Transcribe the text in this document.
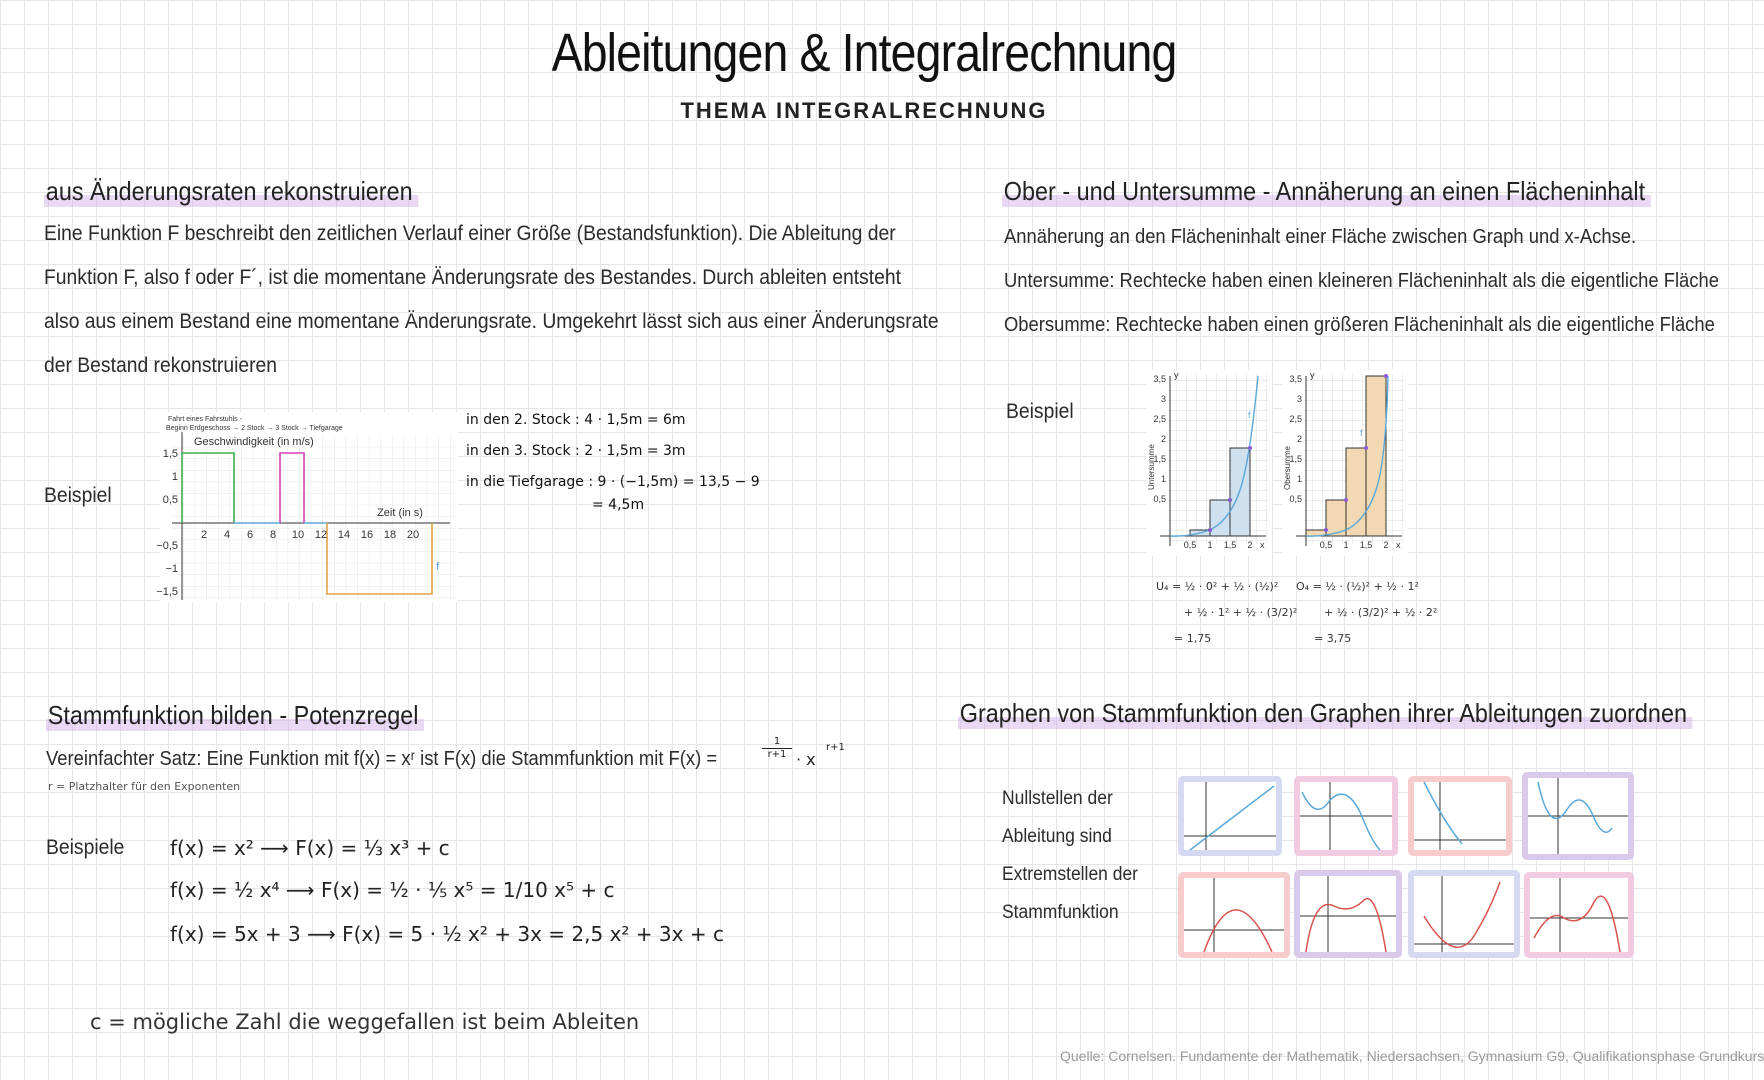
Ableitungen & Integralrechnung
THEMA INTEGRALRECHNUNG
aus Änderungsraten rekonstruieren
Eine Funktion F beschreibt den zeitlichen Verlauf einer Größe (Bestandsfunktion). Die Ableitung der
Funktion F, also f oder F´, ist die momentane Änderungsrate des Bestandes. Durch ableiten entsteht
also aus einem Bestand eine momentane Änderungsrate. Umgekehrt lässt sich aus einer Änderungsrate
der Bestand rekonstruieren
Beispiel
2 4 6 8 10 12 14 16 18 20
1,5
1
0,5
−0,5
−1
−1,5
Zeit (in s)
f
Fahrt eines Fahrstuhls -
Beginn Erdgeschoss → 2 Stock → 3 Stock → Tiefgarage
Geschwindigkeit (in m/s)
in den 2. Stock : 4 · 1,5m = 6m
in den 3. Stock : 2 · 1,5m = 3m
in die Tiefgarage : 9 · (−1,5m) = 13,5 − 9
= 4,5m
Ober - und Untersumme - Annäherung an einen Flächeninhalt
Annäherung an den Flächeninhalt einer Fläche zwischen Graph und x-Achse.
Untersumme: Rechtecke haben einen kleineren Flächeninhalt als die eigentliche Fläche
Obersumme: Rechtecke haben einen größeren Flächeninhalt als die eigentliche Fläche
Beispiel
3,5
3
2,5
2
1,5
1
0,5
0,5 1 1,5 2
y
x
f
Untersumme
U₄ = ½ · 0² + ½ · (½)²
+ ½ · 1² + ½ · (3/2)²
= 1,75
3,5
3
2,5
2
1,5
1
0,5
0,5 1 1,5 2
y
x
f
Obersumme
O₄ = ½ · (½)² + ½ · 1²
+ ½ · (3/2)² + ½ · 2²
= 3,75
Stammfunktion bilden - Potenzregel
Vereinfachter Satz: Eine Funktion mit f(x) = xʳ ist F(x) die Stammfunktion mit F(x) =	$\frac{1}{r+1} \cdot x$
r+1
r = Platzhalter für den Exponenten
Beispiele f(x) = x² ⟶ F(x) = ⅓ x³ + c
f(x) = ½ x⁴ ⟶ F(x) = ½ · ⅕ x⁵ = 1/10 x⁵ + c
f(x) = 5x + 3 ⟶ F(x) = 5 · ½ x² + 3x = 2,5 x² + 3x + c
c = mögliche Zahl die weggefallen ist beim Ableiten
Graphen von Stammfunktion den Graphen ihrer Ableitungen zuordnen
Nullstellen der
Ableitung sind
Extremstellen der
Stammfunktion
Quelle: Cornelsen. Fundamente der Mathematik, Niedersachsen, Gymnasium G9, Qualifikationsphase Grundkurs
